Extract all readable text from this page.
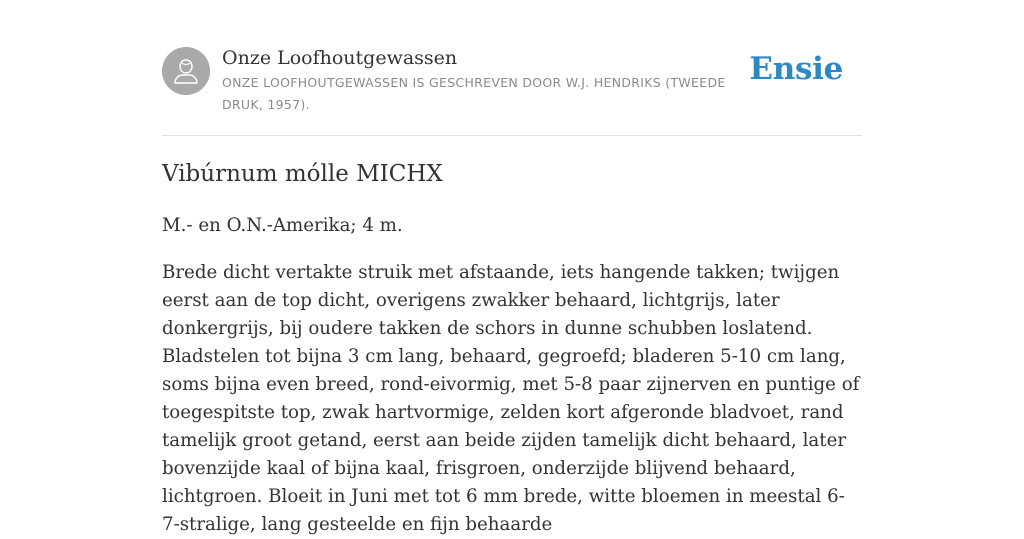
Onze Loofhoutgewassen
ONZE LOOFHOUTGEWASSEN IS GESCHREVEN DOOR W.J. HENDRIKS (TWEEDE DRUK, 1957).
Ensie
Vibúrnum mólle MICHX

M.- en O.N.-Amerika; 4 m.

Brede dicht vertakte struik met afstaande, iets hangende takken; twijgen eerst aan de top dicht, overigens zwakker behaard, lichtgrijs, later donkergrijs, bij oudere takken de schors in dunne schubben loslatend. Bladstelen tot bijna 3 cm lang, behaard, gegroefd; bladeren 5-10 cm lang, soms bijna even breed, rond-eivormig, met 5-8 paar zijnerven en puntige of toegespitste top, zwak hartvormige, zelden kort afgeronde bladvoet, rand tamelijk groot getand, eerst aan beide zijden tamelijk dicht behaard, later bovenzijde kaal of bijna kaal, frisgroen, onderzijde blijvend behaard, lichtgroen. Bloeit in Juni met tot 6 mm brede, witte bloemen in meestal 6-7-stralige, lang gesteelde en fijn behaarde
